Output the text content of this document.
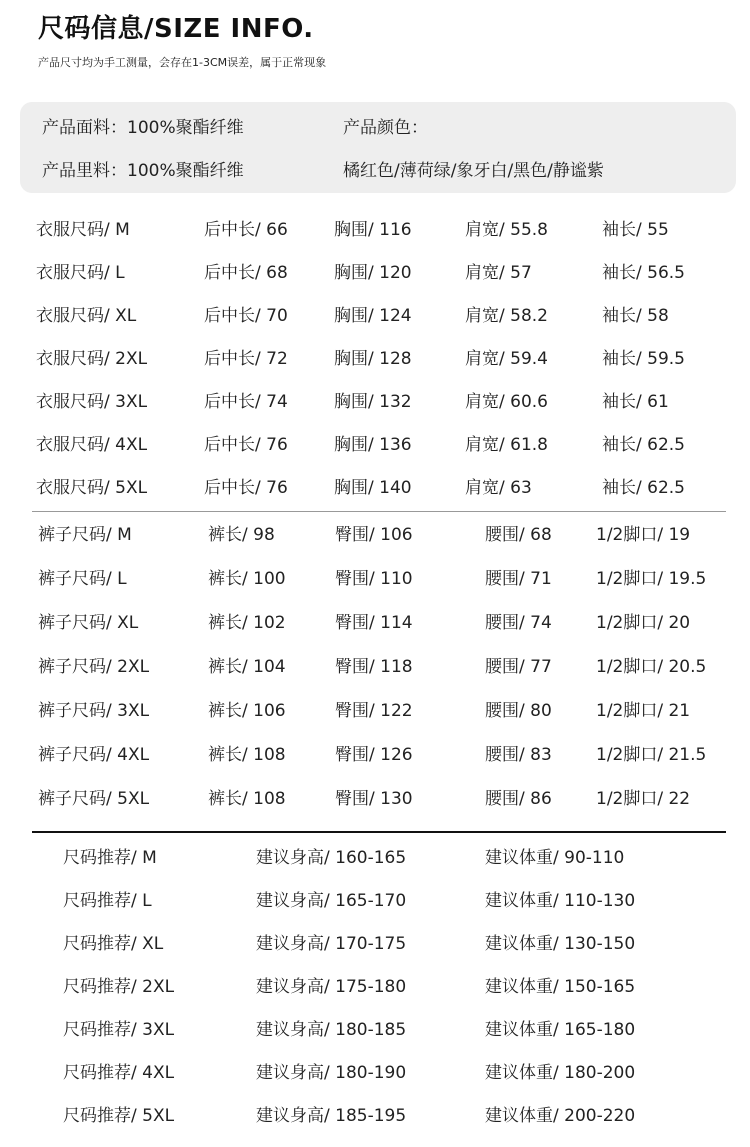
尺码信息/SIZE INFO.
产品尺寸均为手工测量，会存在1-3CM误差，属于正常现象
产品面料：100%聚酯纤维	产品颜色：
产品里料：100%聚酯纤维	橘红色/薄荷绿/象牙白/黑色/静谧紫
衣服尺码/ M	后中长/ 66	胸围/ 116	肩宽/ 55.8	袖长/ 55
衣服尺码/ L	后中长/ 68	胸围/ 120	肩宽/ 57	袖长/ 56.5
衣服尺码/ XL	后中长/ 70	胸围/ 124	肩宽/ 58.2	袖长/ 58
衣服尺码/ 2XL	后中长/ 72	胸围/ 128	肩宽/ 59.4	袖长/ 59.5
衣服尺码/ 3XL	后中长/ 74	胸围/ 132	肩宽/ 60.6	袖长/ 61
衣服尺码/ 4XL	后中长/ 76	胸围/ 136	肩宽/ 61.8	袖长/ 62.5
衣服尺码/ 5XL	后中长/ 76	胸围/ 140	肩宽/ 63	袖长/ 62.5
裤子尺码/ M	裤长/ 98	臀围/ 106	腰围/ 68	1/2脚口/ 19
裤子尺码/ L	裤长/ 100	臀围/ 110	腰围/ 71	1/2脚口/ 19.5
裤子尺码/ XL	裤长/ 102	臀围/ 114	腰围/ 74	1/2脚口/ 20
裤子尺码/ 2XL	裤长/ 104	臀围/ 118	腰围/ 77	1/2脚口/ 20.5
裤子尺码/ 3XL	裤长/ 106	臀围/ 122	腰围/ 80	1/2脚口/ 21
裤子尺码/ 4XL	裤长/ 108	臀围/ 126	腰围/ 83	1/2脚口/ 21.5
裤子尺码/ 5XL	裤长/ 108	臀围/ 130	腰围/ 86	1/2脚口/ 22
尺码推荐/ M	建议身高/ 160-165	建议体重/ 90-110
尺码推荐/ L	建议身高/ 165-170	建议体重/ 110-130
尺码推荐/ XL	建议身高/ 170-175	建议体重/ 130-150
尺码推荐/ 2XL	建议身高/ 175-180	建议体重/ 150-165
尺码推荐/ 3XL	建议身高/ 180-185	建议体重/ 165-180
尺码推荐/ 4XL	建议身高/ 180-190	建议体重/ 180-200
尺码推荐/ 5XL	建议身高/ 185-195	建议体重/ 200-220
